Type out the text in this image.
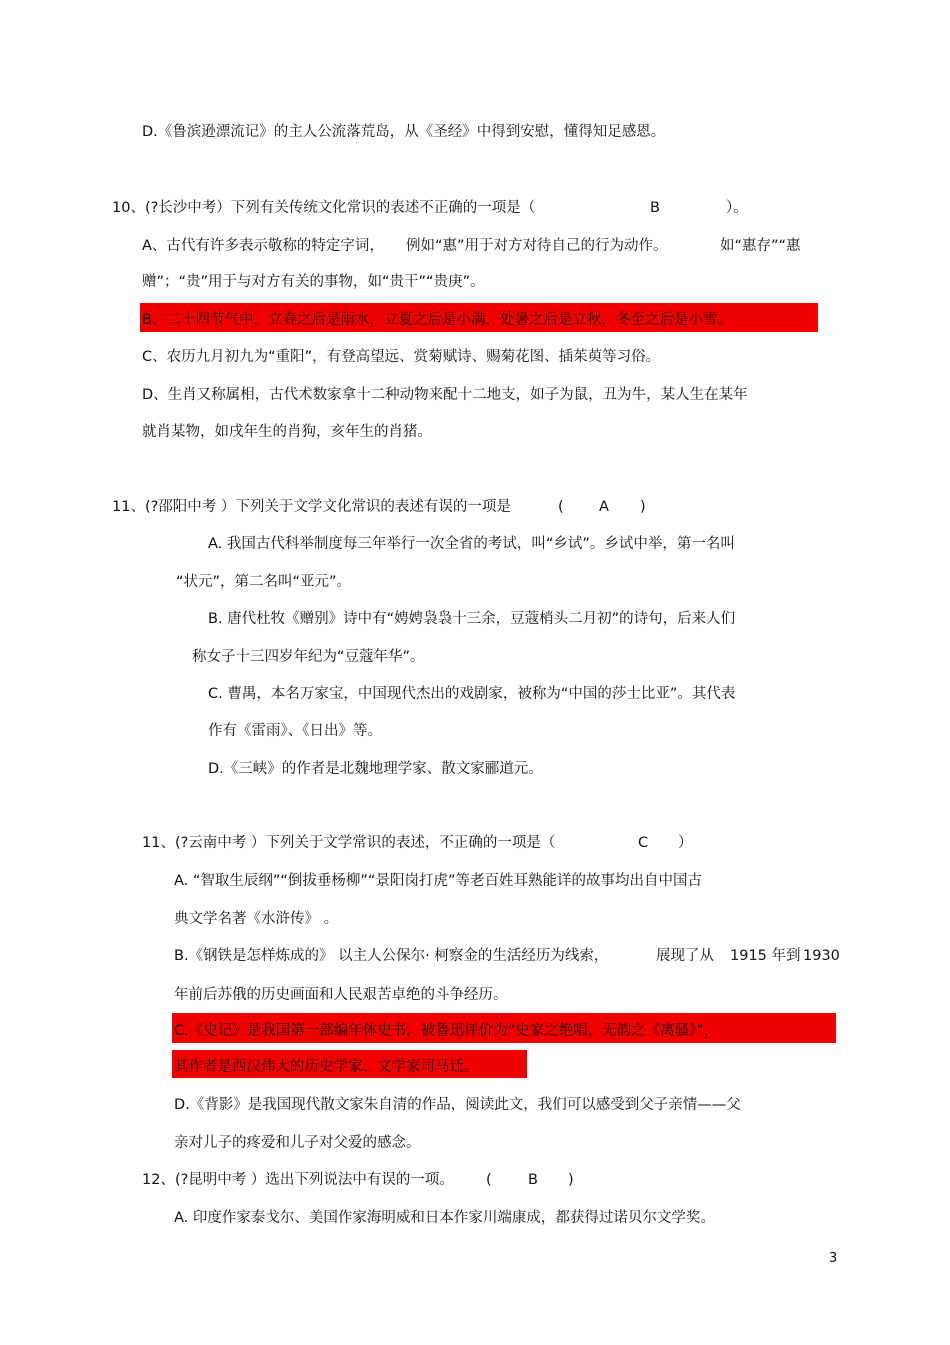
D.《鲁滨逊漂流记》的主人公流落荒岛，从《圣经》中得到安慰，懂得知足感恩。
10、(?长沙中考）下列有关传统文化常识的表述不正确的一项是（	B	）。
A、古代有许多表示敬称的特定字词， 例如“惠”用于对方对待自己的行为动作。	如“惠存”“惠
赠”；“贵”用于与对方有关的事物，如“贵干”“贵庚”。
B、二十四节气中，立春之后是雨水，立夏之后是小满，处暑之后是立秋，冬至之后是小雪。
C、农历九月初九为“重阳”，有登高望远、赏菊赋诗、赐菊花图、插茱萸等习俗。
D、生肖又称属相，古代术数家拿十二种动物来配十二地支，如子为鼠，丑为牛，某人生在某年
就肖某物，如戌年生的肖狗，亥年生的肖猪。
11、(?邵阳中考 ）下列关于文学文化常识的表述有误的一项是	( A )
A. 我国古代科举制度每三年举行一次全省的考试，叫“乡试”。乡试中举，第一名叫
“状元”，第二名叫“亚元”。
B. 唐代杜牧《赠别》诗中有“娉娉袅袅十三余，豆蔻梢头二月初”的诗句，后来人们
称女子十三四岁年纪为“豆蔻年华”。
C. 曹禺，本名万家宝，中国现代杰出的戏剧家，被称为“中国的莎士比亚”。其代表
作有《雷雨》、《日出》等。
D.《三峡》的作者是北魏地理学家、散文家郦道元。
11、(?云南中考 ）下列关于文学常识的表述，不正确的一项是（	C ）
A. “智取生辰纲”“倒拔垂杨柳”“景阳岗打虎”等老百姓耳熟能详的故事均出自中国古
典文学名著《水浒传》 。
B.《钢铁是怎样炼成的》 以主人公保尔· 柯察金的生活经历为线索，	展现了从 1915 年到 1930
年前后苏俄的历史画面和人民艰苦卓绝的斗争经历。
C.《史记》是我国第一部编年体史书，被鲁迅评价为“史家之绝唱，无韵之《离骚》”，
其作者是西汉伟大的历史学家、文学家司马迁。
D.《背影》是我国现代散文家朱自清的作品，阅读此文，我们可以感受到父子亲情——父
亲对儿子的疼爱和儿子对父爱的感念。
12、(?昆明中考 ）选出下列说法中有误的一项。 (	B )
A. 印度作家泰戈尔、美国作家海明威和日本作家川端康成，都获得过诺贝尔文学奖。
3
